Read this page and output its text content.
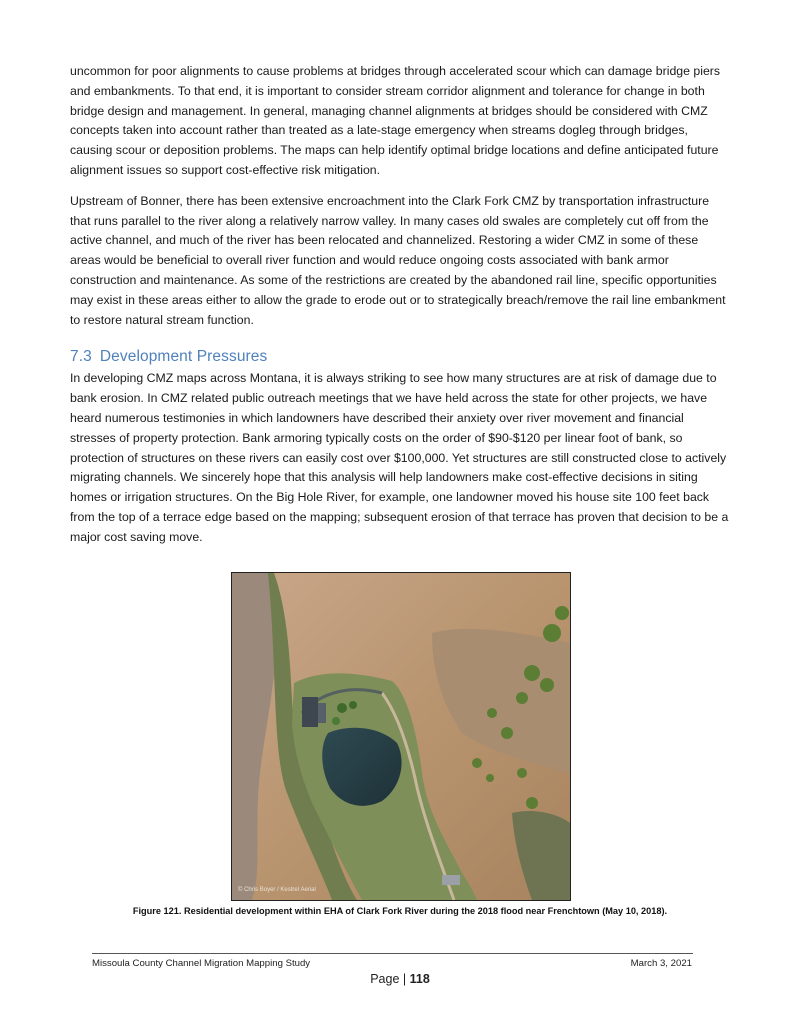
uncommon for poor alignments to cause problems at bridges through accelerated scour which can damage bridge piers and embankments. To that end, it is important to consider stream corridor alignment and tolerance for change in both bridge design and management. In general, managing channel alignments at bridges should be considered with CMZ concepts taken into account rather than treated as a late-stage emergency when streams dogleg through bridges, causing scour or deposition problems. The maps can help identify optimal bridge locations and define anticipated future alignment issues so support cost-effective risk mitigation.

Upstream of Bonner, there has been extensive encroachment into the Clark Fork CMZ by transportation infrastructure that runs parallel to the river along a relatively narrow valley. In many cases old swales are completely cut off from the active channel, and much of the river has been relocated and channelized. Restoring a wider CMZ in some of these areas would be beneficial to overall river function and would reduce ongoing costs associated with bank armor construction and maintenance. As some of the restrictions are created by the abandoned rail line, specific opportunities may exist in these areas either to allow the grade to erode out or to strategically breach/remove the rail line embankment to restore natural stream function.

7.3 Development Pressures

In developing CMZ maps across Montana, it is always striking to see how many structures are at risk of damage due to bank erosion. In CMZ related public outreach meetings that we have held across the state for other projects, we have heard numerous testimonies in which landowners have described their anxiety over river movement and financial stresses of property protection. Bank armoring typically costs on the order of $90-$120 per linear foot of bank, so protection of structures on these rivers can easily cost over $100,000. Yet structures are still constructed close to actively migrating channels. We sincerely hope that this analysis will help landowners make cost-effective decisions in siting homes or irrigation structures. On the Big Hole River, for example, one landowner moved his house site 100 feet back from the top of a terrace edge based on the mapping; subsequent erosion of that terrace has proven that decision to be a major cost saving move.

© Chris Boyer / Kestrel Aerial
Figure 121. Residential development within EHA of Clark Fork River during the 2018 flood near Frenchtown (May 10, 2018).
Missoula County Channel Migration Mapping Study	March 3, 2021
Page | 118
